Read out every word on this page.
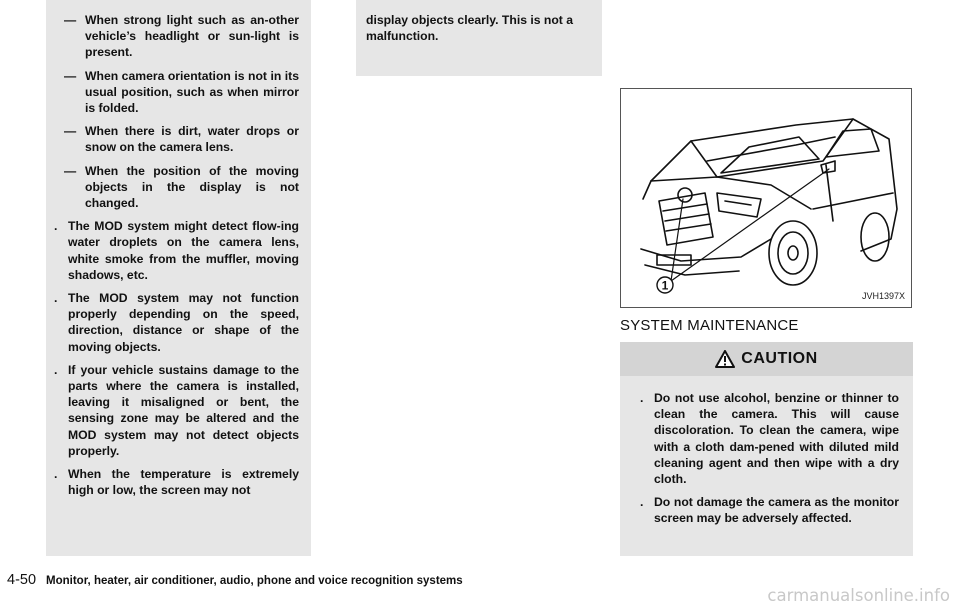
— When strong light such as an-other vehicle’s headlight or sun-light is present.
— When camera orientation is not in its usual position, such as when mirror is folded.
— When there is dirt, water drops or snow on the camera lens.
— When the position of the moving objects in the display is not changed.
. The MOD system might detect flow-ing water droplets on the camera lens, white smoke from the muffler, moving shadows, etc.
. The MOD system may not function properly depending on the speed, direction, distance or shape of the moving objects.
. If your vehicle sustains damage to the parts where the camera is installed, leaving it misaligned or bent, the sensing zone may be altered and the MOD system may not detect objects properly.
. When the temperature is extremely high or low, the screen may not
display objects clearly. This is not a malfunction.
1
JVH1397X
SYSTEM MAINTENANCE
CAUTION
. Do not use alcohol, benzine or thinner to clean the camera. This will cause discoloration. To clean the camera, wipe with a cloth dam-pened with diluted mild cleaning agent and then wipe with a dry cloth.
. Do not damage the camera as the monitor screen may be adversely affected.
4-50 Monitor, heater, air conditioner, audio, phone and voice recognition systems
carmanualsonline.info
